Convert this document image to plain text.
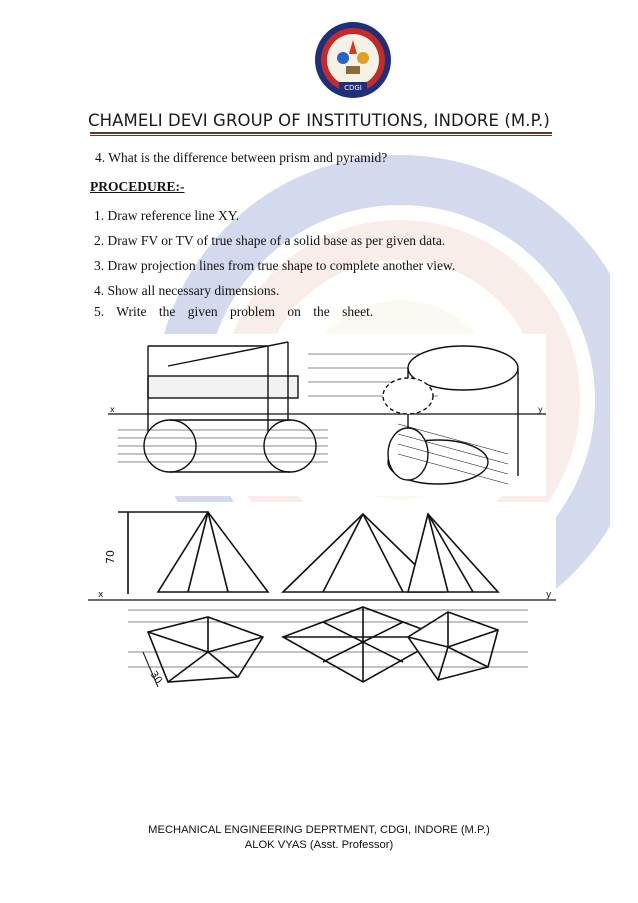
CDGI
CHAMELI DEVI GROUP OF INSTITUTIONS, INDORE (M.P.)
4. What is the difference between prism and pyramid?
PROCEDURE:-
1. Draw reference line XY.
2. Draw FV or TV of true shape of a solid base as per given data.
3. Draw projection lines from true shape to complete another view.
4. Show all necessary dimensions.
5. Write the given problem on the sheet.
x	y
70
30
x	y
MECHANICAL ENGINEERING DEPRTMENT, CDGI, INDORE (M.P.)
ALOK VYAS (Asst. Professor)
